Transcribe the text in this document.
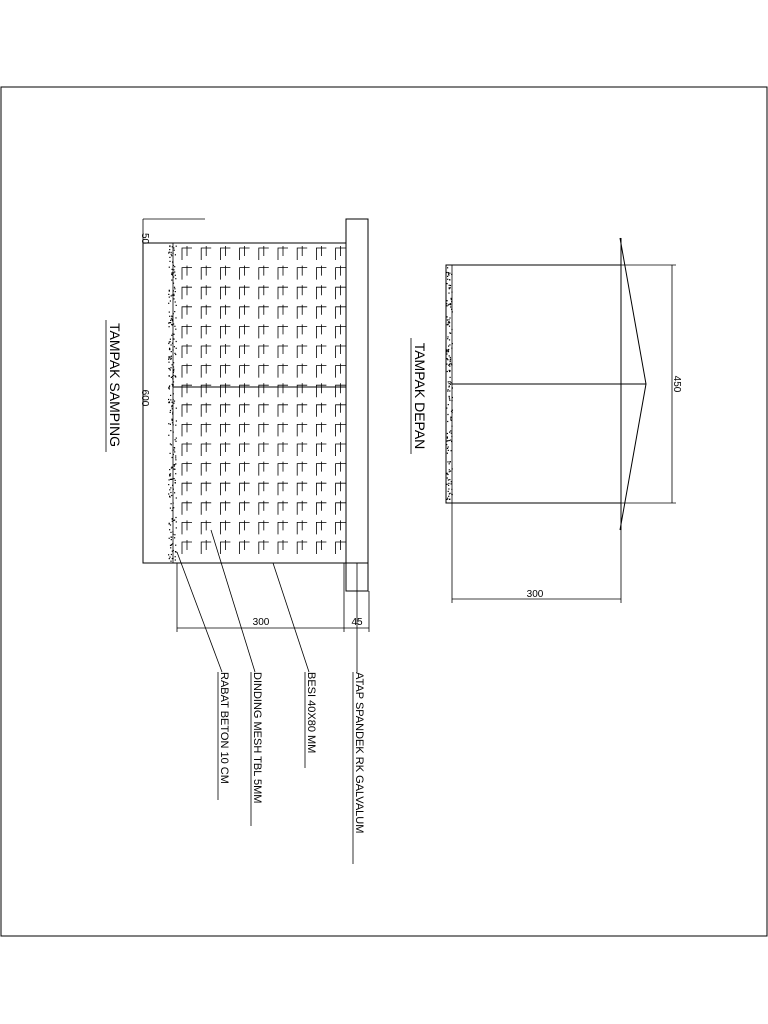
50
600
300	45
TAMPAK SAMPING
RABAT BETON 10 CM DINDING MESH TBL 5MM	BESI 40X80 MM	ATAP SPANDEK RK GALVALUM
450
300
TAMPAK DEPAN
